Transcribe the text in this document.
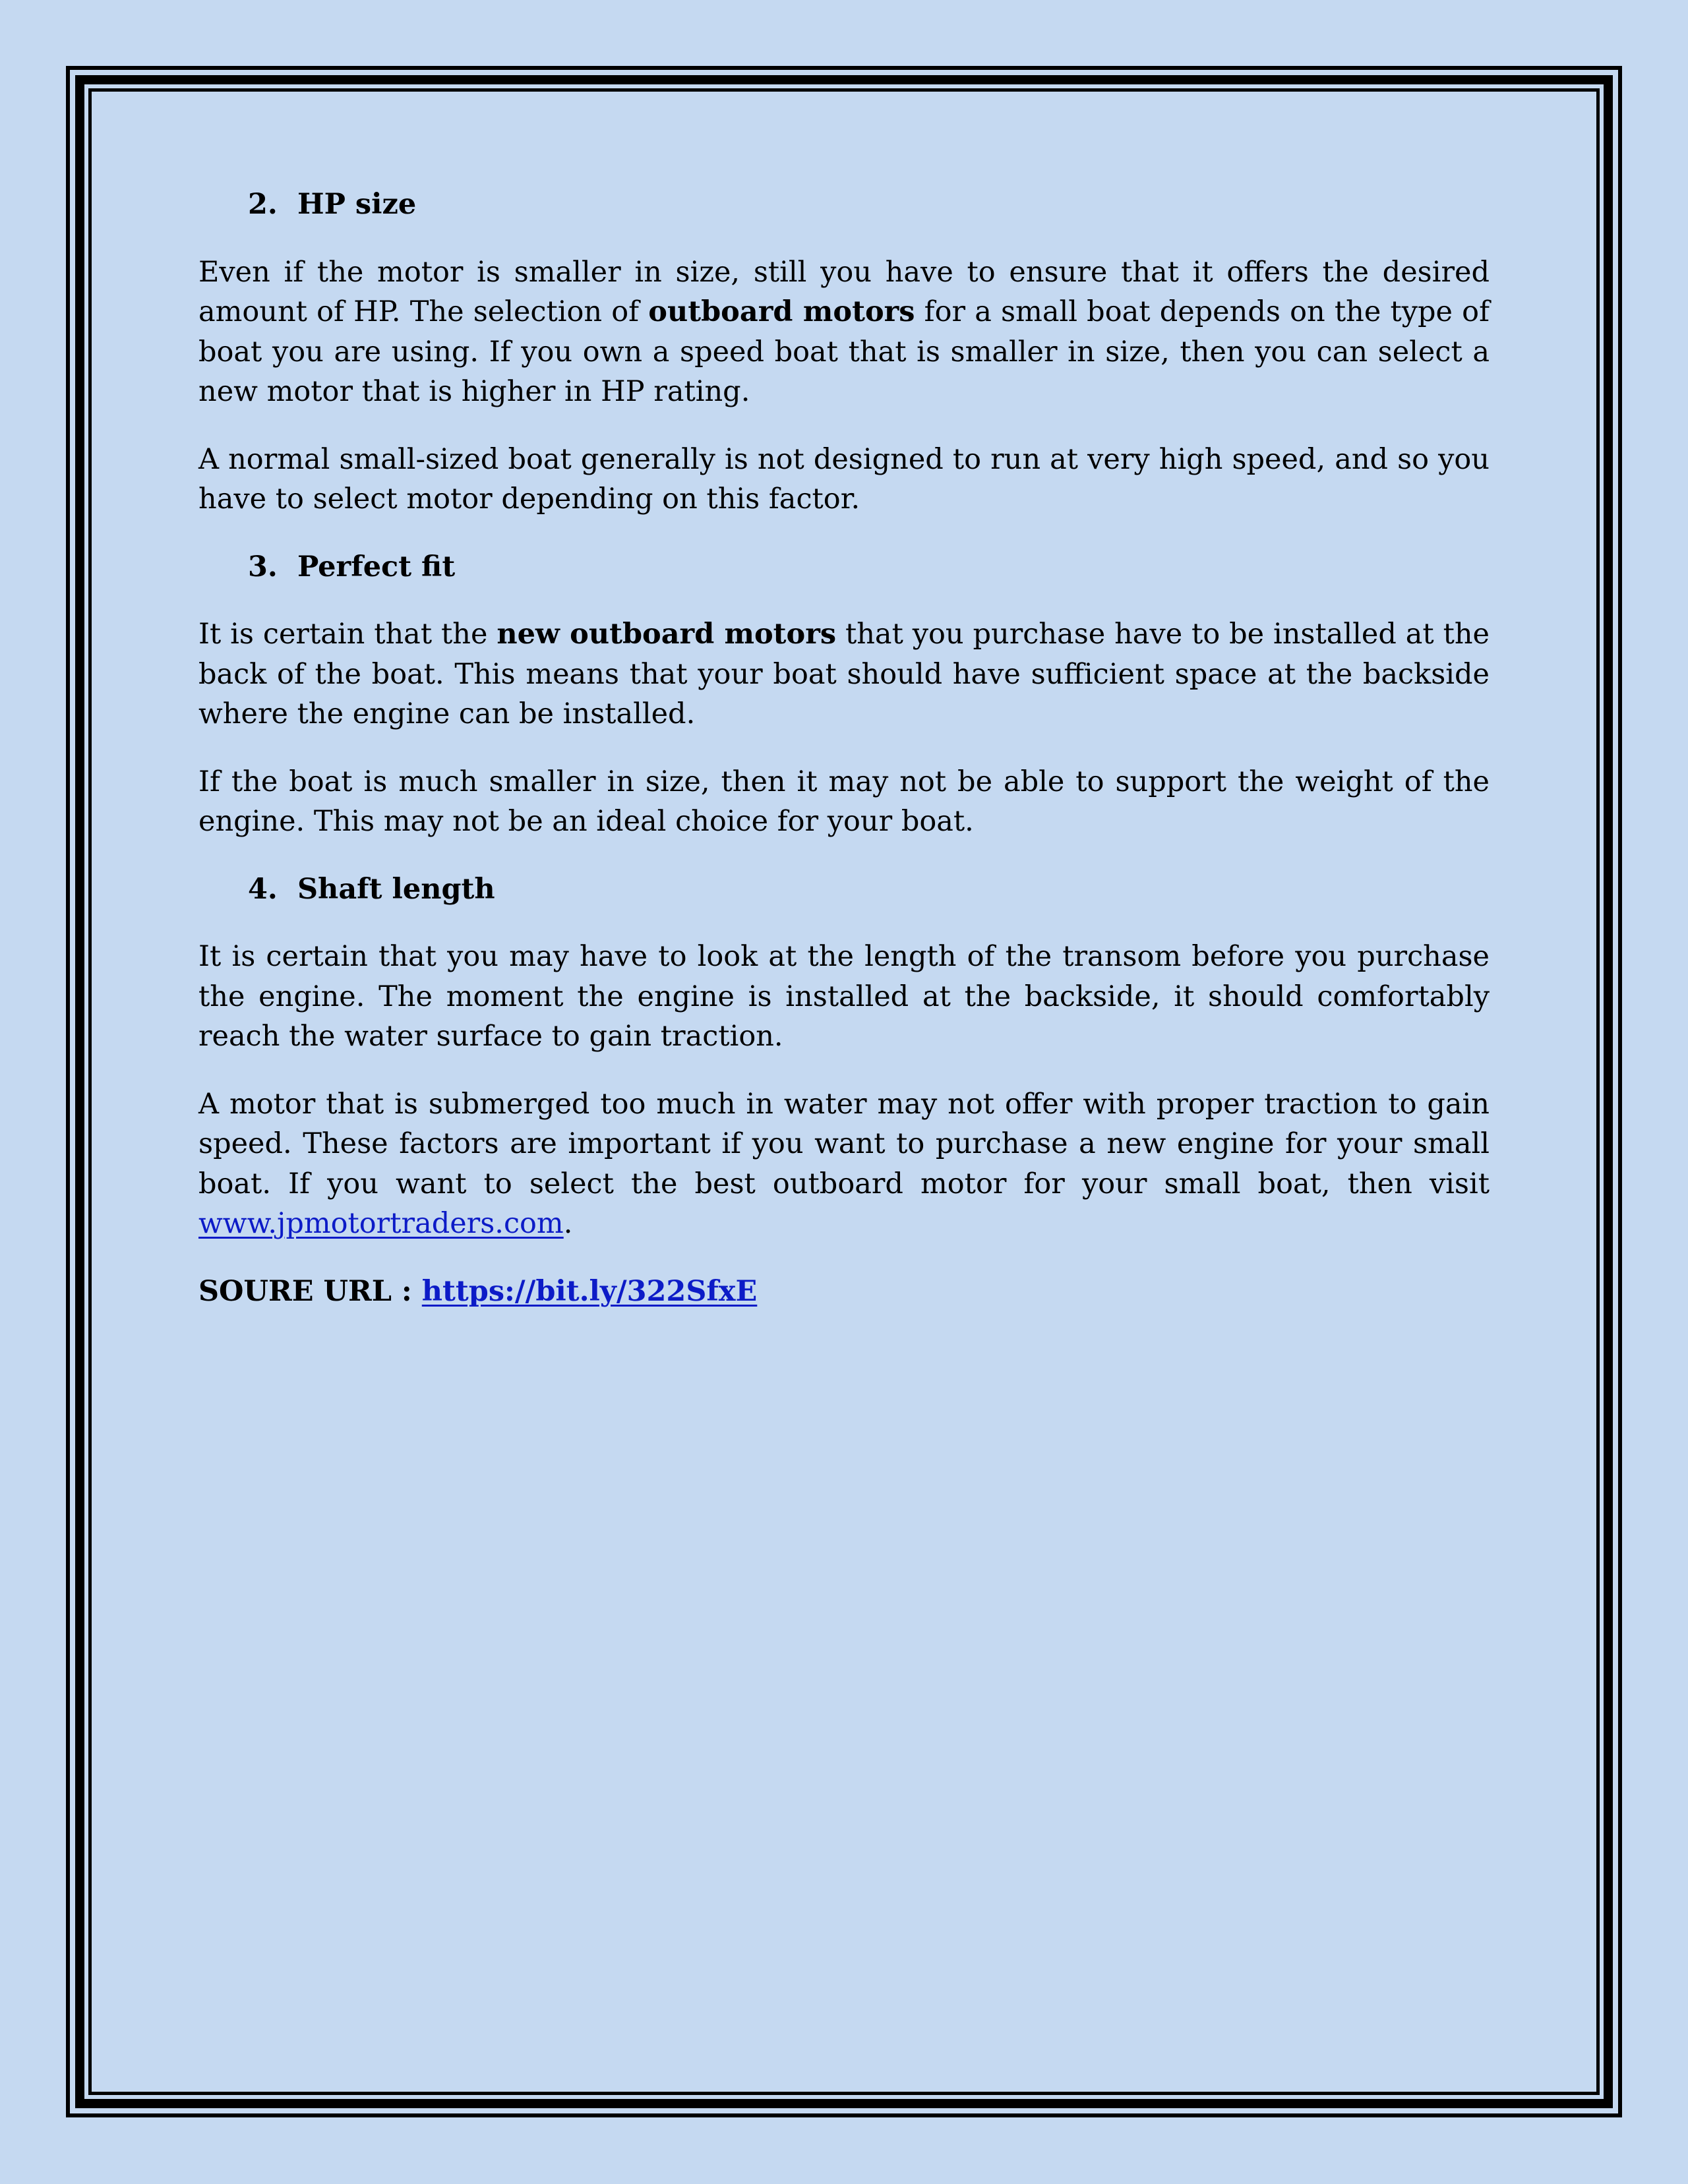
2. HP size

Even if the motor is smaller in size, still you have to ensure that it offers the desired amount of HP. The selection of outboard motors for a small boat depends on the type of boat you are using. If you own a speed boat that is smaller in size, then you can select a new motor that is higher in HP rating.

A normal small-sized boat generally is not designed to run at very high speed, and so you have to select motor depending on this factor.

3. Perfect fit

It is certain that the new outboard motors that you purchase have to be installed at the back of the boat. This means that your boat should have sufficient space at the backside where the engine can be installed.

If the boat is much smaller in size, then it may not be able to support the weight of the engine. This may not be an ideal choice for your boat.

4. Shaft length

It is certain that you may have to look at the length of the transom before you purchase the engine. The moment the engine is installed at the backside, it should comfortably reach the water surface to gain traction.

A motor that is submerged too much in water may not offer with proper traction to gain speed. These factors are important if you want to purchase a new engine for your small boat. If you want to select the best outboard motor for your small boat, then visit www.jpmotortraders.com.

SOURE URL : https://bit.ly/322SfxE
